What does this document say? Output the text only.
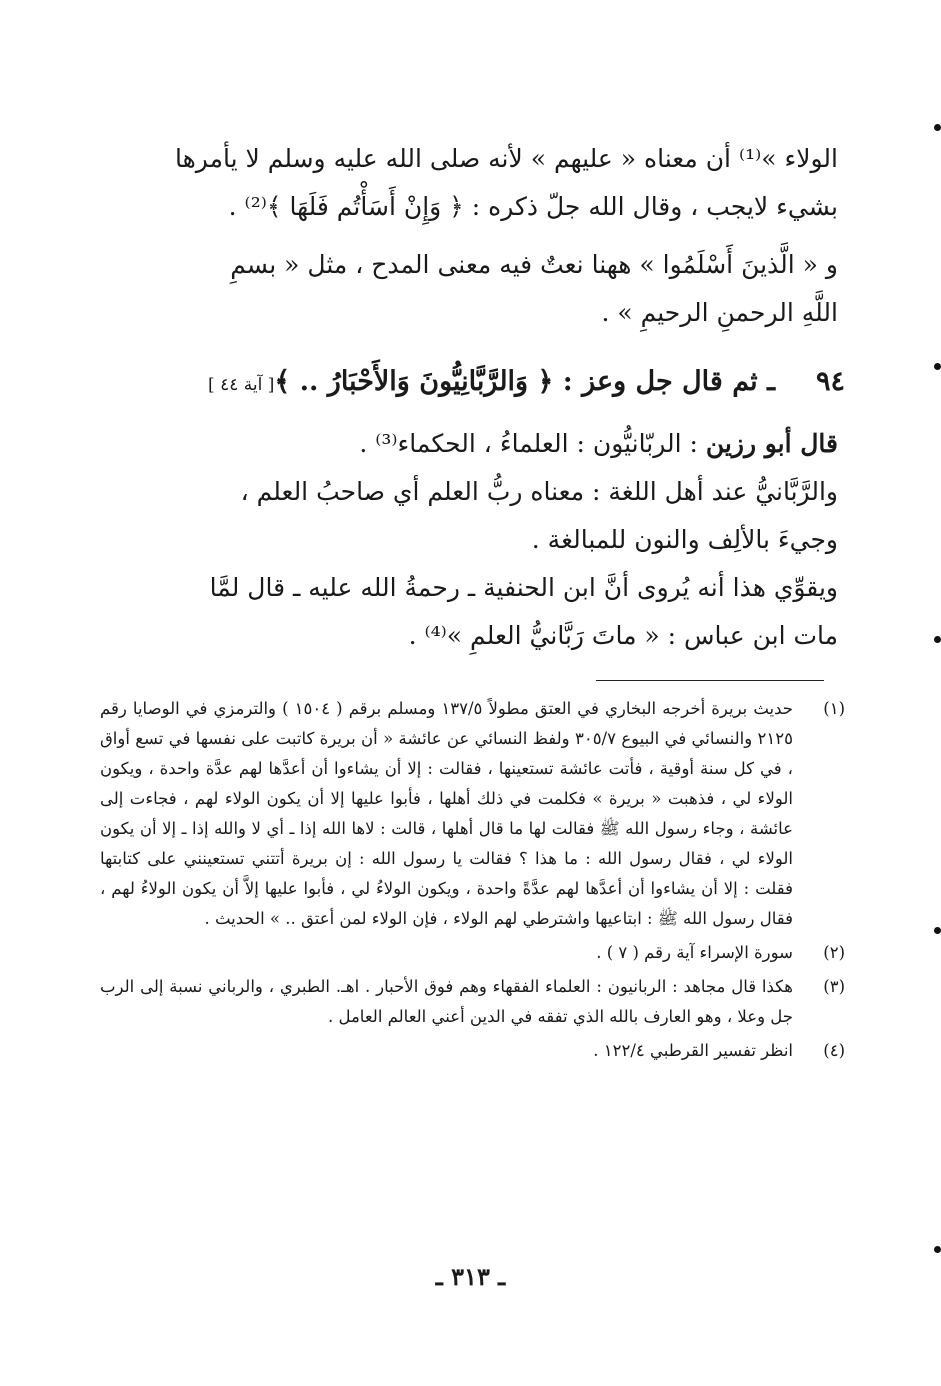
الولاء »⁽¹⁾ أن معناه « عليهم » لأنه صلى الله عليه وسلم لا يأمرها

بشيء لايجب ، وقال الله جلّ ذكره : ﴿ وَإِنْ أَسَأْتُم فَلَهَا ﴾⁽²⁾ .

و « الَّذينَ أَسْلَمُوا » ههنا نعتٌ فيه معنى المدح ، مثل « بسمِ

اللَّهِ الرحمنِ الرحيمِ » .

٩٤
ـ ثم قال جل وعز : ﴿ وَالرَّبَّانِيُّونَ وَالأَحْبَارُ .. ﴾[ آية ٤٤ ]

قال أبو رزين : الربّانيُّون : العلماءُ ، الحكماء⁽³⁾ .

والرَّبَّانيُّ عند أهل اللغة : معناه ربُّ العلم أي صاحبُ العلم ،

وجيءَ بالألِف والنون للمبالغة .

ويقوِّي هذا أنه يُروى أنَّ ابن الحنفية ـ رحمةُ الله عليه ـ قال لمَّا

مات ابن عباس : « ماتَ رَبَّانيُّ العلمِ »⁽⁴⁾ .

(١)
حديث بريرة أخرجه البخاري في العتق مطولاً ١٣٧/٥ ومسلم برقم ( ١٥٠٤ ) والترمزي في الوصايا رقم ٢١٢٥ والنسائي في البيوع ٣٠٥/٧ ولفظ النسائي عن عائشة « أن بريرة كاتبت على نفسها في تسع أواق ، في كل سنة أوقية ، فأتت عائشة تستعينها ، فقالت : إلا أن يشاءوا أن أعدَّها لهم عدَّة واحدة ، ويكون الولاء لي ، فذهبت « بريرة » فكلمت في ذلك أهلها ، فأبوا عليها إلا أن يكون الولاء لهم ، فجاءت إلى عائشة ، وجاء رسول الله ﷺ فقالت لها ما قال أهلها ، قالت : لاها الله إذا ـ أي لا والله إذا ـ إلا أن يكون الولاء لي ، فقال رسول الله : ما هذا ؟ فقالت يا رسول الله : إن بريرة أتتني تستعينني على كتابتها فقلت : إلا أن يشاءوا أن أعدَّها لهم عدَّةً واحدة ، ويكون الولاءُ لي ، فأبوا عليها إلاَّ أن يكون الولاءُ لهم ، فقال رسول الله ﷺ : ابتاعيها واشترطي لهم الولاء ، فإن الولاء لمن أعتق .. » الحديث .
(٢)
سورة الإسراء آية رقم ( ٧ ) .
(٣)
هكذا قال مجاهد : الربانيون : العلماء الفقهاء وهم فوق الأحبار . اهـ. الطبري ، والرباني نسبة إلى الرب جل وعلا ، وهو العارف بالله الذي تفقه في الدين أعني العالم العامل .
(٤)
انظر تفسير القرطبي ١٢٢/٤ .
ـ ٣١٣ ـ
